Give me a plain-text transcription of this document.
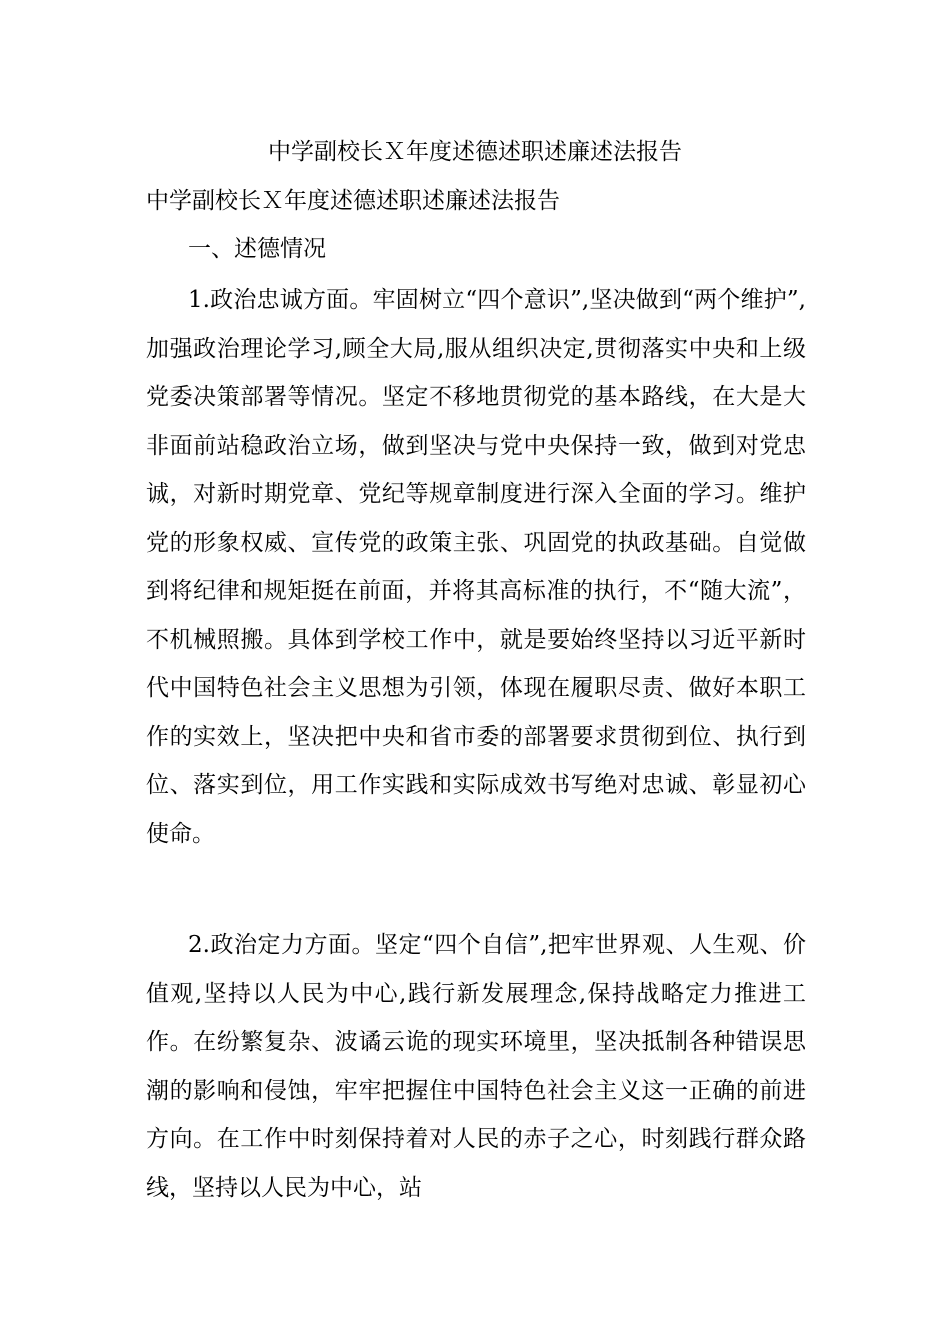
中学副校长Ｘ年度述德述职述廉述法报告
中学副校长Ｘ年度述德述职述廉述法报告
一、述德情况

1.政治忠诚方面。牢固树立“四个意识”,坚决做到“两个维护”,加强政治理论学习,顾全大局,服从组织决定,贯彻落实中央和上级党委决策部署等情况。坚定不移地贯彻党的基本路线，在大是大非面前站稳政治立场，做到坚决与党中央保持一致，做到对党忠诚，对新时期党章、党纪等规章制度进行深入全面的学习。维护党的形象权威、宣传党的政策主张、巩固党的执政基础。自觉做到将纪律和规矩挺在前面，并将其高标准的执行，不“随大流”，不机械照搬。具体到学校工作中，就是要始终坚持以习近平新时代中国特色社会主义思想为引领，体现在履职尽责、做好本职工作的实效上，坚决把中央和省市委的部署要求贯彻到位、执行到位、落实到位，用工作实践和实际成效书写绝对忠诚、彰显初心使命。

2.政治定力方面。坚定“四个自信”,把牢世界观、人生观、价值观,坚持以人民为中心,践行新发展理念,保持战略定力推进工作。在纷繁复杂、波谲云诡的现实环境里，坚决抵制各种错误思潮的影响和侵蚀，牢牢把握住中国特色社会主义这一正确的前进方向。在工作中时刻保持着对人民的赤子之心，时刻践行群众路线，坚持以人民为中心，站
